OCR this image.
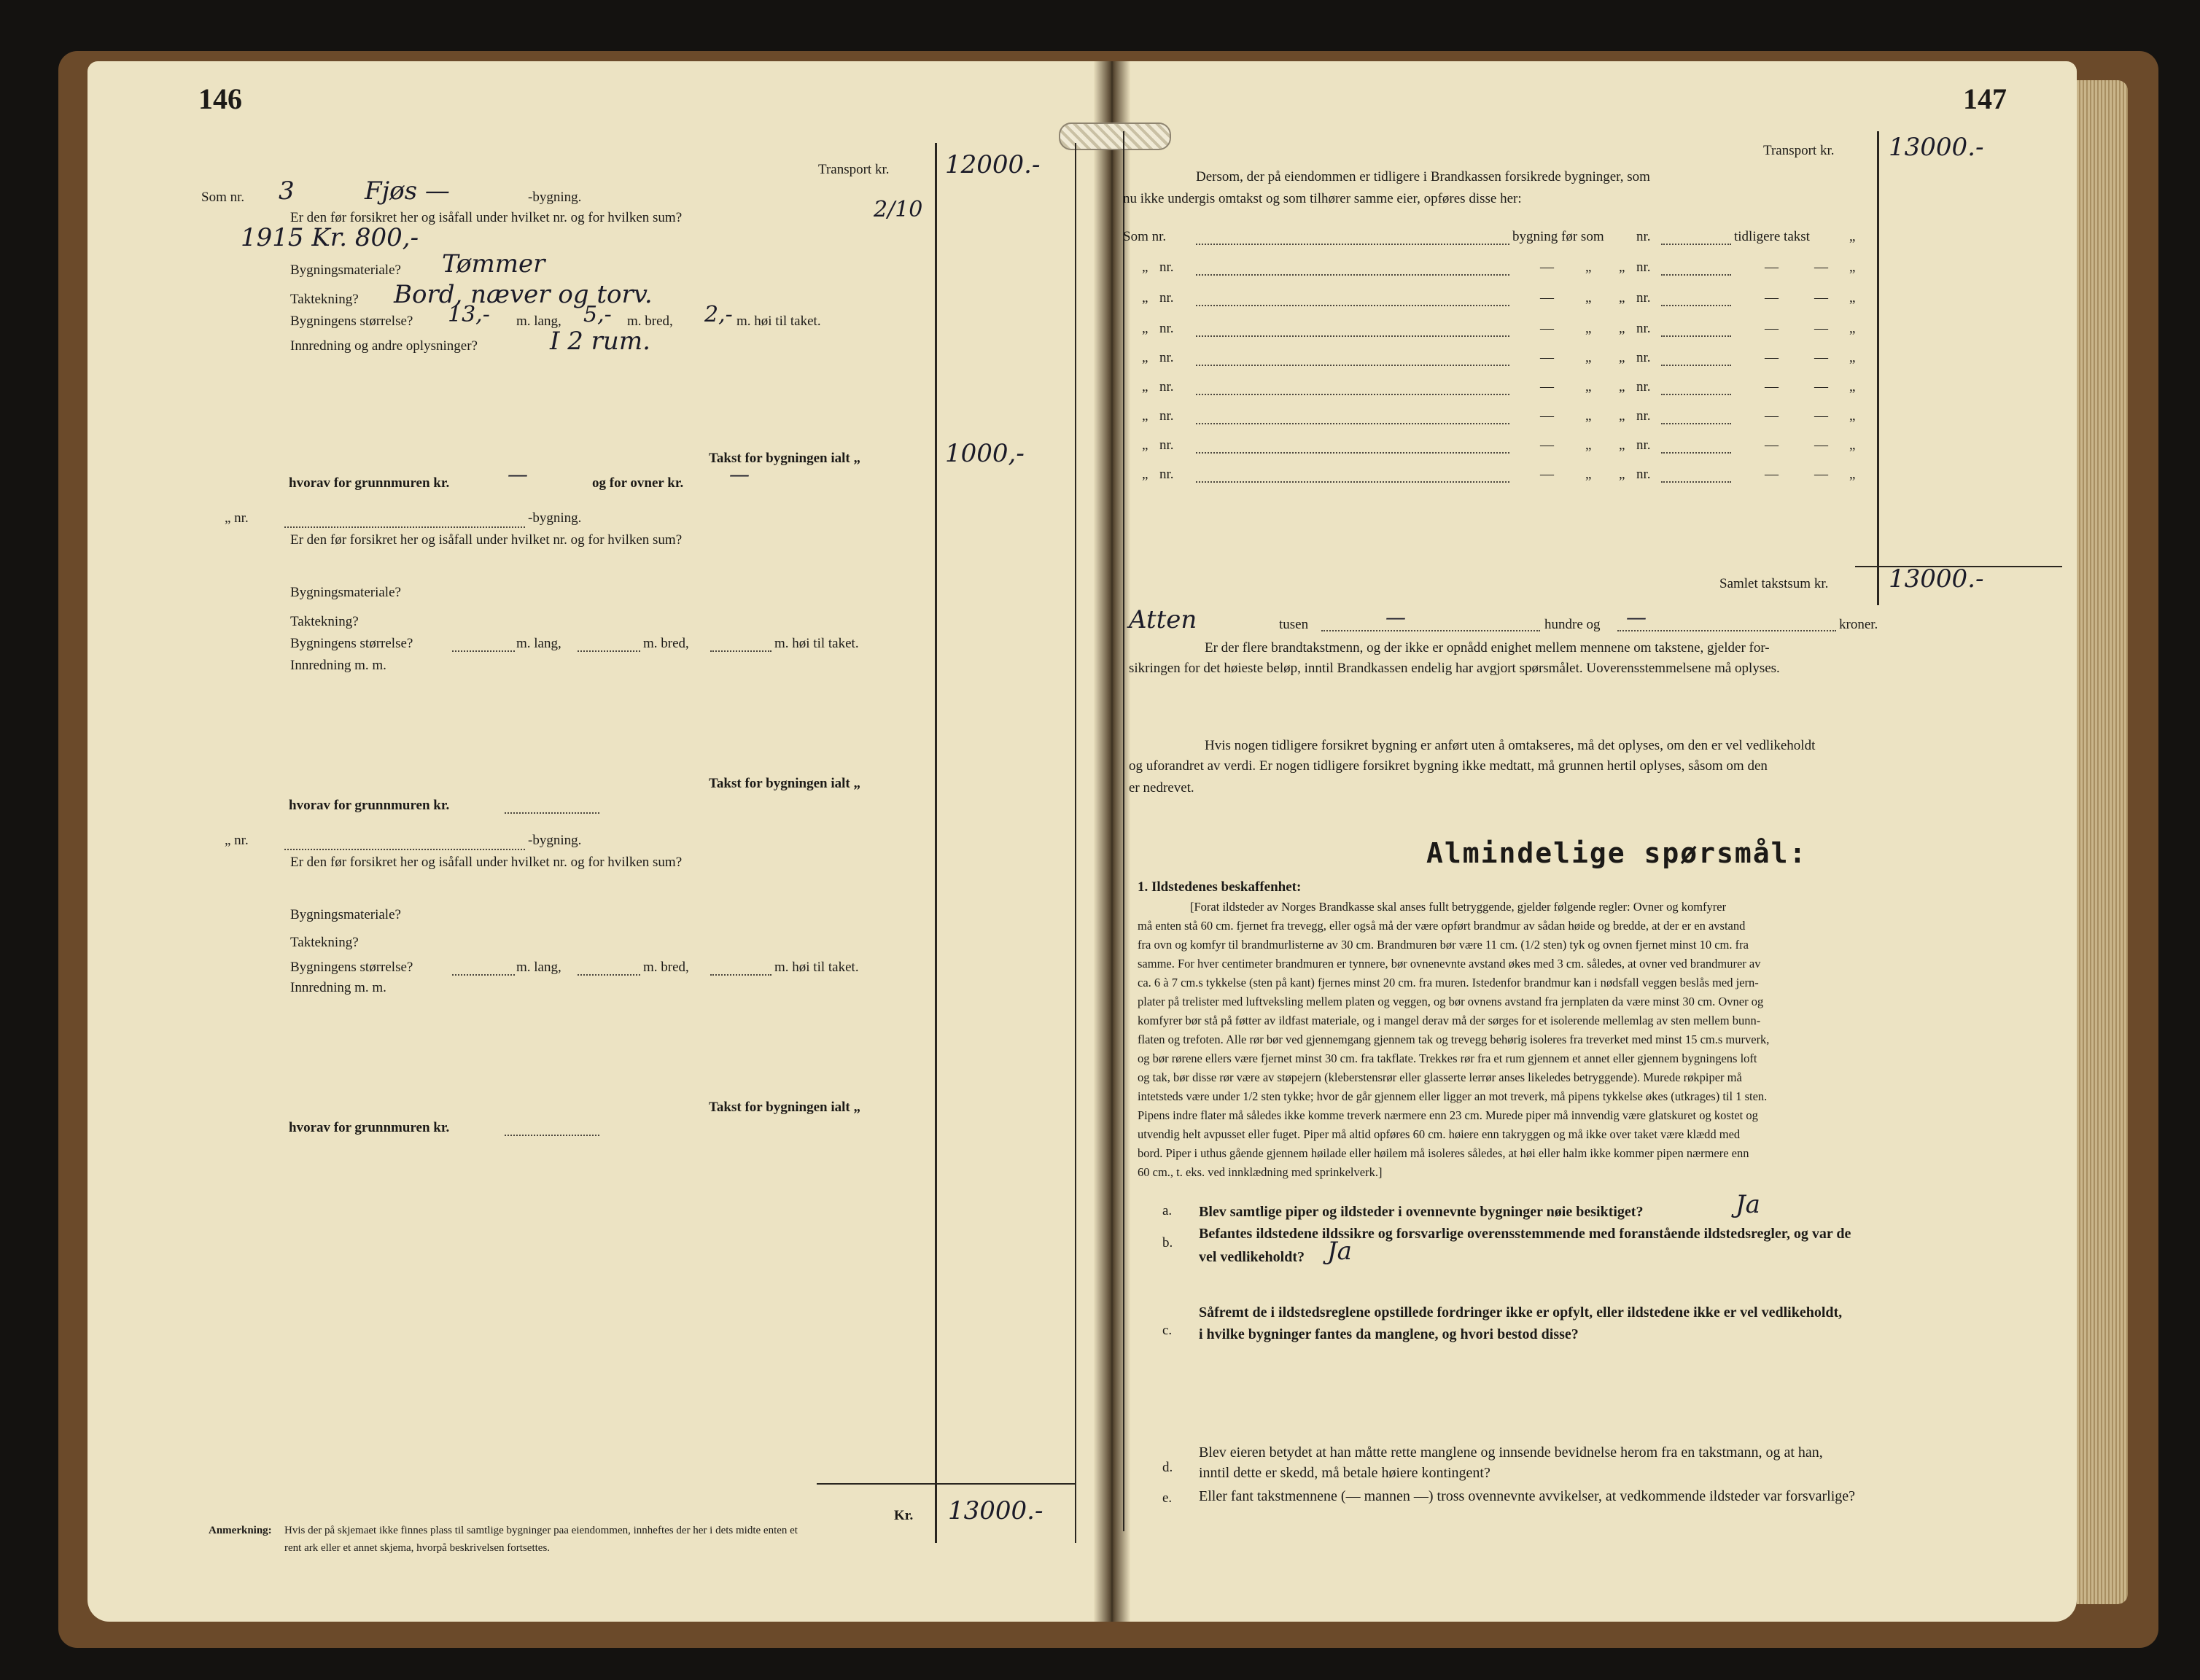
146
Transport kr. 12000.-
Som nr. 3	Fjøs —	-bygning.
Er den før forsikret her og isåfall under hvilket nr. og for hvilken sum?	2/10
1915 Kr. 800,-
Bygningsmateriale? Tømmer
Taktekning? Bord, næver og torv.
Bygningens størrelse? 13,- m. lang, 5,- m. bred, 2,- m. høi til taket.
Innredning og andre oplysninger?	I 2 rum.
Takst for bygningen ialt „	1000,-
hvorav for grunnmuren kr.	—	og for ovner kr. —
„ nr.	-bygning.
Er den før forsikret her og isåfall under hvilket nr. og for hvilken sum?
Bygningsmateriale?
Taktekning?
Bygningens størrelse?	m. lang,	m. bred,	m. høi til taket.
Innredning m. m.
Takst for bygningen ialt „
hvorav for grunnmuren kr.
„ nr.	-bygning.
Er den før forsikret her og isåfall under hvilket nr. og for hvilken sum?
Bygningsmateriale?
Taktekning?
Bygningens størrelse?	m. lang,	m. bred,	m. høi til taket.
Innredning m. m.
Takst for bygningen ialt „
hvorav for grunnmuren kr.
Kr. 13000.-
Anmerkning: Hvis der på skjemaet ikke finnes plass til samtlige bygninger paa eiendommen, innheftes der her i dets midte enten et
rent ark eller et annet skjema, hvorpå beskrivelsen fortsettes.
147
Transport kr. 13000.-
Dersom, der på eiendommen er tidligere i Brandkassen forsikrede bygninger, som
nu ikke undergis omtakst og som tilhører samme eier, opføres disse her:
Som nr.	bygning før som nr.	tidligere takst	„
„ nr.	— „ „ nr.	—	— „
„ nr.	— „ „ nr.	—	— „
„ nr.	— „ „ nr.	—	— „
„ nr.	— „ „ nr.	—	— „
„ nr.	— „ „ nr.	—	— „
„ nr.	— „ „ nr.	—	— „
„ nr.	— „ „ nr.	—	— „
„ nr.	— „ „ nr.	—	— „
Samlet takstsum kr. 13000.-
Atten	tusen	—	hundre og —	kroner.
Er der flere brandtakstmenn, og der ikke er opnådd enighet mellem mennene om takstene, gjelder for-
sikringen for det høieste beløp, inntil Brandkassen endelig har avgjort spørsmålet. Uoverensstemmelsene må oplyses.
Hvis nogen tidligere forsikret bygning er anført uten å omtakseres, må det oplyses, om den er vel vedlikeholdt
og uforandret av verdi. Er nogen tidligere forsikret bygning ikke medtatt, må grunnen hertil oplyses, såsom om den
er nedrevet.
Almindelige spørsmål:
1. Ildstedenes beskaffenhet:
[Forat ildsteder av Norges Brandkasse skal anses fullt betryggende, gjelder følgende regler: Ovner og komfyrer
må enten stå 60 cm. fjernet fra trevegg, eller også må der være opført brandmur av sådan høide og bredde, at der er en avstand
fra ovn og komfyr til brandmurlisterne av 30 cm. Brandmuren bør være 11 cm. (1/2 sten) tyk og ovnen fjernet minst 10 cm. fra
samme. For hver centimeter brandmuren er tynnere, bør ovnenevnte avstand økes med 3 cm. således, at ovner ved brandmurer av
ca. 6 à 7 cm.s tykkelse (sten på kant) fjernes minst 20 cm. fra muren. Istedenfor brandmur kan i nødsfall veggen beslås med jern-
plater på trelister med luftveksling mellem platen og veggen, og bør ovnens avstand fra jernplaten da være minst 30 cm. Ovner og
komfyrer bør stå på føtter av ildfast materiale, og i mangel derav må der sørges for et isolerende mellemlag av sten mellem bunn-
flaten og trefoten. Alle rør bør ved gjennemgang gjennem tak og trevegg behørig isoleres fra treverket med minst 15 cm.s murverk,
og bør rørene ellers være fjernet minst 30 cm. fra takflate. Trekkes rør fra et rum gjennem et annet eller gjennem bygningens loft
og tak, bør disse rør være av støpejern (kleberstensrør eller glasserte lerrør anses likeledes betryggende). Murede røkpiper må
intetsteds være under 1/2 sten tykke; hvor de går gjennem eller ligger an mot treverk, må pipens tykkelse økes (utkrages) til 1 sten.
Pipens indre flater må således ikke komme treverk nærmere enn 23 cm. Murede piper må innvendig være glatskuret og kostet og
utvendig helt avpusset eller fuget. Piper må altid opføres 60 cm. høiere enn takryggen og må ikke over taket være klædd med
bord. Piper i uthus gående gjennem høilade eller høilem må isoleres således, at høi eller halm ikke kommer pipen nærmere enn
60 cm., t. eks. ved innklædning med sprinkelverk.]
a. Blev samtlige piper og ildsteder i ovennevnte bygninger nøie besiktiget?	Ja
b.
Befantes ildstedene ildssikre og forsvarlige overensstemmende med foranstående ildstedsregler, og var de
vel vedlikeholdt? Ja
c.
Såfremt de i ildstedsreglene opstillede fordringer ikke er opfylt, eller ildstedene ikke er vel vedlikeholdt,
i hvilke bygninger fantes da manglene, og hvori bestod disse?
d.
Blev eieren betydet at han måtte rette manglene og innsende bevidnelse herom fra en takstmann, og at han,
inntil dette er skedd, må betale høiere kontingent?
e. Eller fant takstmennene (— mannen —) tross ovennevnte avvikelser, at vedkommende ildsteder var forsvarlige?
